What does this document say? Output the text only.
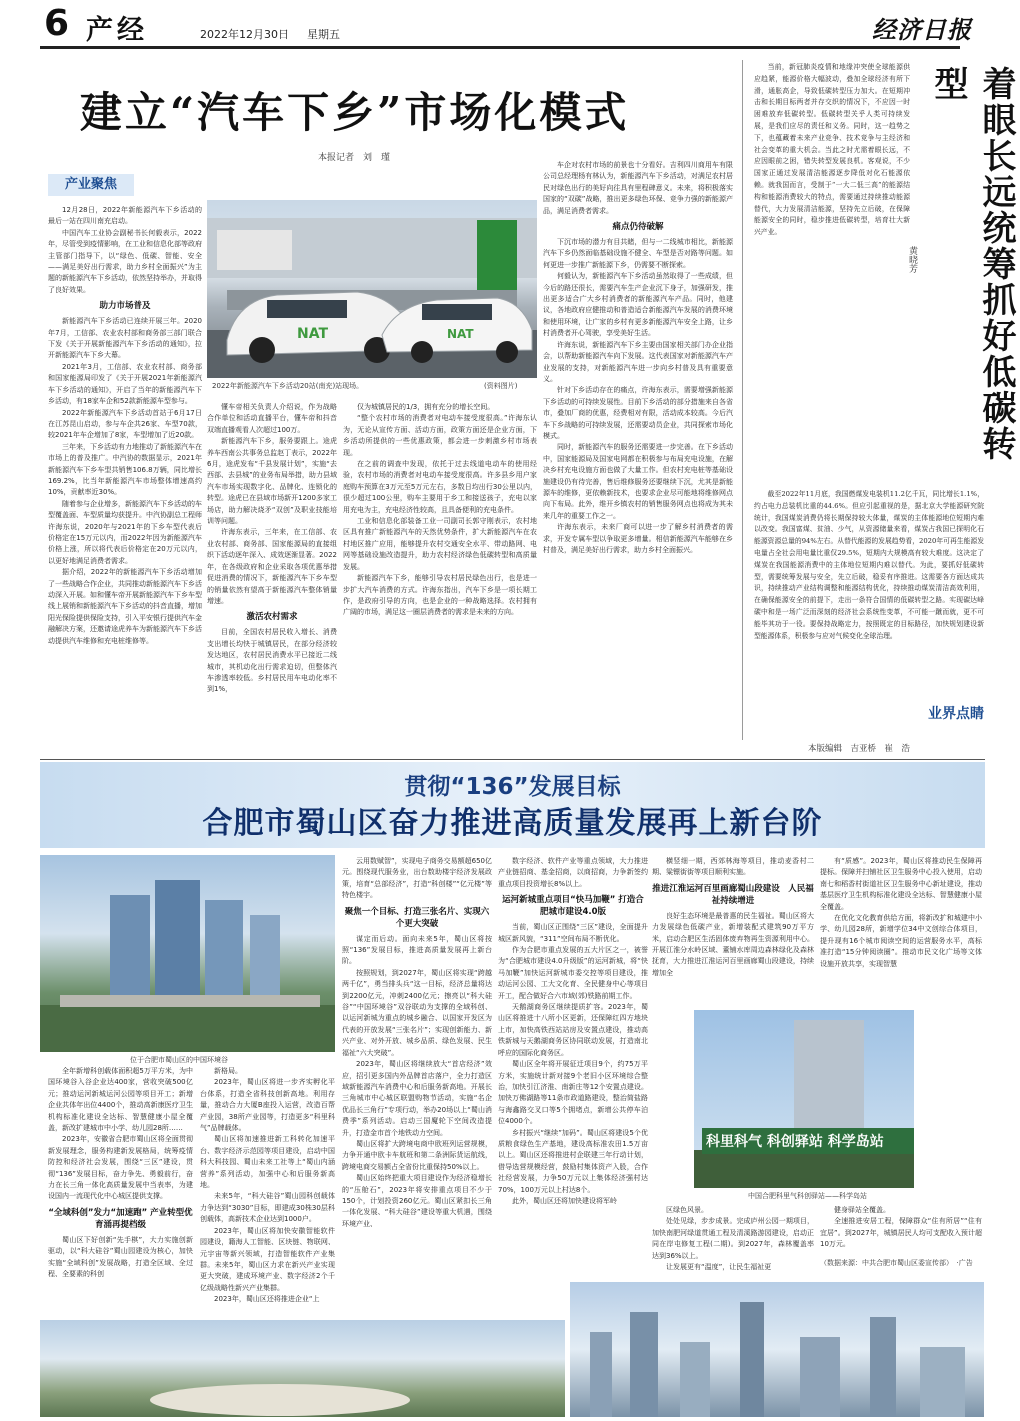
6 产经	2022年12月30日 星期五	经济日报
建立“汽车下乡”市场化模式
本报记者　刘　瑾
产业聚焦
NAT	NAT
2022年新能源汽车下乡活动20站(南充)站现场。	(资料图片)

12月28日，2022年新能源汽车下乡活动的最后一站在四川南充启动。

中国汽车工业协会副秘书长何毅表示，2022年，尽管受到疫情影响，在工业和信息化部等政府主管部门指导下，以“绿色、低碳、智能、安全——满足美好出行需求，助力乡村全面振兴”为主题的新能源汽车下乡活动，依然坚持举办，并取得了良好效果。

助力市场普及

新能源汽车下乡活动已连续开展三年。2020年7月，工信部、农业农村部和商务部三部门联合下发《关于开展新能源汽车下乡活动的通知》，拉开新能源汽车下乡大幕。

2021年3月，工信部、农业农村部、商务部和国家能源局印发了《关于开展2021年新能源汽车下乡活动的通知》，开启了当年的新能源汽车下乡活动，有18家车企和52款新能源车型参与。

2022年新能源汽车下乡活动首站于6月17日在江苏昆山启动，参与车企共26家、车型70款，较2021年车企增加了8家，车型增加了近20款。

三年来，下乡活动有力地推动了新能源汽车在市场上的普及推广。中汽协的数据显示，2021年新能源汽车下乡车型共销售106.8万辆，同比增长169.2%，比当年新能源汽车市场整体增速高约10%，贡献率近30%。

随着参与企业增多，新能源汽车下乡活动的车型覆盖面、车型质量均获提升。中汽协副总工程师许海东说，2020年与2021年的下乡车型代表后价格定在15万元以内，而2022年因为新能源汽车价格上涨，所以将代表后价格定在20万元以内，以更好地满足消费者需求。

据介绍，2022年的新能源汽车下乡活动增加了一些战略合作企业，共同推动新能源汽车下乡活动深入开展。如和懂车帝开展新能源汽车下乡车型线上展销和新能源汽车下乡活动的抖音直播，增加阳光保险提供保险支持，引入平安银行提供汽车金融解决方案，还邀请途虎养车为新能源汽车下乡活动提供汽车维修和充电桩维修等。

懂车帝相关负责人介绍说，作为战略合作单位和活动直播平台，懂车帝和抖音双端直播观看人次超过100万。

新能源汽车下乡，服务要跟上。途虎养车西南公共事务总监赵丁表示，2022年6月，途虎发布“千县发展计划”，实施“去西部、去县城”的业务布局举措，助力县域汽车市场实现数字化、品牌化、连锁化的转型。途虎已在县域市场新开1200多家工场店，助力解决烧矛“双创”及职业技能培训等问题。

许海东表示，三年来，在工信部、农业农村部、商务部、国家能源局的直接组织下活动逐年深入、成效逐渐显著。2022年，在各级政府和企业采取各项优惠举措促进消费的情况下，新能源汽车下乡车型的销量依然有望高于新能源汽车整体销量增速。

激活农村需求

目前，全国农村居民收入增长、消费支出增长均快于城镇居民，在部分经济较发达地区，农村居民消费水平已接近二线城市，其机动化出行需求迫切，但整体汽车渗透率较低。乡村居民用车电动化率不到1%，

仅为城镇居民的1/3，拥有充分的增长空间。

“整个农村市场的消费者对电动车接受度很高。”许海东认为，无论从宣传方面、活动方面，政策方面还是企业方面，下乡活动所提供的一些优惠政策，都会进一步刺激乡村市场表现。

在之前的调查中发现，依托于过去线道电动车的使用经验，农村市场的消费者对电动车接受度很高。许多县乡用户家庭购车预算在3万元至5万元左右，多数日均出行30公里以内，很少超过100公里，购车主要用于乡工和接送孩子，充电以家用充电为主，充电经济性较高，且具备便利的充电条件。

工业和信息化部装备工业一司副司长郭守刚表示，农村地区具有推广新能源汽车的天然优势条件，扩大新能源汽车在农村地区推广应用，能够提升农村交通安全水平、带动路网、电网等基础设施改造提升，助力农村经济绿色低碳转型和高质量发展。

新能源汽车下乡，能够引导农村居民绿色出行，也是进一步扩大汽车消费的方式。许海东指出，汽车下乡是一项长期工作，是政府引导的方向，也是企业的一种战略选择。农村拥有广阔的市场，满足这一圈层消费者的需求是未来的方向。

车企对农村市场的前景也十分看好。吉利四川商用车有限公司总经理杨有林认为，新能源汽车下乡活动，对满足农村居民对绿色出行的美好向往具有里程碑意义。未来，将积极落实国家的“双碳”战略，推出更多绿色环保、竞争力强的新能源产品，满足消费者需求。

痛点仍待破解

下沉市场的潜力有目共睹，但与一二线城市相比，新能源汽车下乡仍然面临基础设施不健全、车型是否对路等问题。如何更进一步推广新能源下乡，仍需要不断探索。

何毅认为，新能源汽车下乡活动虽然取得了一些成绩，但今后的路还很长，需要汽车生产企业沉下身子，加强研发，推出更多适合广大乡村消费者的新能源汽车产品。同时，他建议，各地政府应健推动和普造适合新能源汽车发展的消费环境和使用环境，让广家的乡村有更多新能源汽车安全上路，让乡村消费者开心驾驶，享受美好生活。

许海东说，新能源汽车下乡主要由国家相关部门办企业指会，以帮助新能源汽车向下发展。这代表国家对新能源汽车产业发展的支持，对新能源汽车进一步向乡村普及具有重要意义。

针对下乡活动存在的痛点，许海东表示，需要增强新能源下乡活动的可持续发展性。目前下乡活动的部分措施来自各省市，叠加厂商的优惠，经费相对有限，活动成本较高。今后汽车下乡战略的可持续发展，还需要动员企业，共同探索市场化模式。

同时，新能源汽车的服务还需要进一步完善。在下乡活动中，国家能源局及国家电网都在积极参与布局充电设施，在解决乡村充电设施方面也做了大量工作。但农村充电桩等基础设施建设仍有待完善，售后维修服务还要继续下沉，尤其是新能源车的维修，更依赖新技术，也要求企业尽可能地将维修网点向下布局。此外，维开乡镇农村的销售服务网点也将成为其未来几年的重要工作之一。

许海东表示，未来厂商可以进一步了解乡村消费者的需求，开发专属车型以争取更多增量。相信新能源汽车能够在乡村普及，满足美好出行需求，助力乡村全面振兴。

当前，新冠肺炎疫情和地缘冲突使全球能源供应趋紧，能源价格大幅波动，叠加全球经济有所下滑，通胀高企，导致低碳转型压力加大。在短期冲击和长期目标两者并存交织的情况下，不应因一时困难放弃低碳转型。低碳转型关乎人类可持续发展，是我们应尽的责任和义务。同时，这一趋势之下，也蕴藏着未来产业竞争、技术竞争与主经济和社会变革的重大机会。当此之时尤需着眼长远，不应因眼前之困，错失转型发展良机。客观说，不少国家正通过发展清洁能源逐步降低对化石能源依赖。就我国而言，受制于“一大二低三高”的能源结构和能源消费较大的特点，需要通过持续推动能源替代，大力发展清洁能源，坚持先立后破，在保障能源安全的同时，稳步推进低碳转型，培育壮大新兴产业。	着眼长远统筹抓好低碳转型
黄晓芳

截至2022年11月底，我国燃煤发电装机11.2亿千瓦，同比增长1.1%，约占电力总装机比重的44.6%。但应引起重视的是，据北京大学能源研究院统计，我国煤炭消费仍将长期保持较大体量，煤炭的主体能源地位短期内难以改变。我国富煤、贫油、少气，从资源储量来看，煤炭占我国已探明化石能源资源总量的94%左右。从替代能源的发展趋势看，2020年可再生能源发电量占全社会用电量比重仅29.5%，短期内大规模高有较大难度。这决定了煤炭在我国能源消费中的主体地位短期内难以替代。为此，要抓好低碳转型，需要统筹发展与安全，先立后破，稳妥有序推进。这需要各方面达成共识，持续推动产业结构调整和能源结构优化，持续推动煤炭清洁高效利用，在确保能源安全的前提下，走出一条符合国情的低碳转型之路。实现碳达峰碳中和是一场广泛而深刻的经济社会系统性变革，不可能一蹴而就，更不可能毕其功于一役。要保持战略定力，按照既定的目标路径，加快规划建设新型能源体系，积极参与应对气候变化全球治理。

业界点睛
本版编辑　吉亚桥　崔　浩
贯彻“136”发展目标
合肥市蜀山区奋力推进高质量发展再上新台阶
位于合肥市蜀山区的中国环境谷
科里科气 科创驿站 科学岛站
中国合肥科里气科创驿站——科学岛站

全年新增科创载体面积超5万平方米，为中国环境谷入谷企业达400家，营收突破500亿元；推动运河新城运河公园等项目开工；新增企业共体年出位4400个，推动高新康医疗卫生机构标准化建设全达标、智慧健康小屋全覆盖，新改扩建城市中小学、幼儿园28所……

2023年，安徽省合肥市蜀山区将全面贯彻新发展理念，服务构建新发展格局，统筹疫情防控和经济社会发展，围绕“三区”建设，贯彻“136”发展目标，奋力争先、勇毅前行，奋力在长三角一体化高质量发展中当表率，为建设国内一流现代化中心城区提供支撑。

“全域科创”发力“加速跑” 产业转型优育涌再提档级

蜀山区下好创新“先手棋”，大力实施创新驱动，以“科大硅谷”蜀山园建设为核心，加快实施“全域科创”发展战略，打造全区域、全过程、全要素的科创

新格局。

2023年，蜀山区将进一步齐实孵化平台体系，打造全省科技创新高地。利用存量，推动合力大厦B座投入运营，改造百帮产业园，38所产业园等，打造更多“科里科气”品牌载体。

蜀山区将加速推进新工科转化加速平台、数字经济示范园等项目建设，启动中国科大科技园、蜀山未来工社等上“蜀山内涵营养”系列活动，加强中心和后服务新高地。

未来5年，“科大硅谷”蜀山园科创载体力争达到“3030”目标，即建成30株30层科创载体，高新技术企业达到1000户。

2023年，蜀山区将加快安徽智能软件园建设，籍海人工智能、区块链、物联网、元宇宙等新兴领域，打造智能软件产业集群。未来5年，蜀山区力求在新兴产业实现更大突破，建成环境产业、数字经济2个千亿级战略性新兴产业集群。

2023年，蜀山区还将推进企业“上

云用数赋智”，实现电子商务交易额超650亿元。围绕现代服务业，出台数助楼宇经济发展政策，培育“总部经济”，打造“科创楼”“亿元楼”等特色楼宇。

聚焦一个目标、打造三张名片、实现六个更大突破

谋定而后动。面向未来5年，蜀山区将按照“136”发展目标，推进高质量发展再上新台阶。

按照规划，到2027年，蜀山区将实现“跨越两千亿”，勇当排头兵“这一目标，经济总量将达到2200亿元，冲刺2400亿元；擦亮以“科大硅谷”“中国环境谷”双谷联动为支撑的全域科创、以运河新城为重点的城乡融合、以国家开发区为代表的开放发展“三张名片”；实现创新能力、新兴产业、对外开放、城乡品质、绿色发展、民生福祉“六大突破”。

2023年，蜀山区将继续放大“首店经济”效应，招引更多国内外品牌首店落户，全力打造区域新能源汽车消费中心和后服务新高地。开展长三角城市中心城区联盟购物节活动，实施“名企优品长三角行”专项行动，举办20场以上“蜀山消费季”系列活动。启动三国魔轮下空间改造提升，打造金市首个地铁动力空间。

蜀山区将扩大跨境电商中欧班列运营规模，力争开通中欧卡车航班和第二条洲际货运航线，跨境电商交易额占全省份比重保持50%以上。

蜀山区始终把重大项目建设作为经济稳增长的“压舱石”，2023年将安排重点项目不少于150个，计划投资260亿元。蜀山区紧扣长三角一体化发展、“科大硅谷”建设等重大机遇，围绕环境产业、

数字经济、软件产业等重点领域，大力推进产业链招商、基金招商，以商招商，力争新签约重点项目投资增长8%以上。

运河新城重点项目“快马加鞭” 打造合肥城市建设4.0版

当前，蜀山区正围绕“三区”建设，全面提升城区新风貌，“311”空间布局不断优化。

作为合肥市重点发展的五大片区之一，被誉为“合肥城市建设4.0升级版”的运河新城，将“快马加鞭”加快运河新城市委交控等项目建设，推动运河公园、工大文化育、全民健身中心等项目开工，配合做好合六市域(郊)铁路前期工作。

天鹅湖商务区继续提质扩容。2023年，蜀山区将推进十八所小区更新，还保障红四方地块上市，加快高铁西站站房及安置点建设，推动高铁新城与天鹅湖商务区协同联动发展，打造南北呼应的国际化商务区。

蜀山区全年将开展征迁项目9个，约75万平方米，实施统计新对接9个老旧小区环境综合整治，加快引江济淮、南新庄等12个安置点建设。加快万佛湖路等11条市政道路建设，整治简盐路与海鑫路交叉口等5个拥堵点，新增公共停车泊位4000个。

乡村振兴“继续”加码”。蜀山区将建设5个优质粮食绿色生产基地，建设高标准农田1.5万亩以上。蜀山区还将推进村企联建三年行动计划，借导选营规模经营，鼓励村集体资产入股，合作社经营发展，力争50万元以上集体经济强村达70%，100万元以上村达8个。

此外，蜀山区还将加快建设将军岭

横竖细一期，西郊林海等项目，推动麦香村二期、粱镖街街等项目顺利实施。

推进江淮运河百里画廊蜀山段建设　人民福祉持续增进

良好生态环境是最普惠的民生福祉。蜀山区将大力发展绿色低碳产业，新增装配式建筑90万平方米，启动合肥区生活固体废弃物再生资源利用中心。开展江淮分水岭区域、董铺水库周边森林绿化及森林抚育，大力推进江淮运河百里画廊蜀山段建设，持续增加全

有“质感”。2023年，蜀山区将推动民生保障再提标。保障并扫铺社区卫生服务中心投入使用，启动南七和稻香村街道社区卫生服务中心新址建设，推动基层医疗卫生机构标准化建设全达标、智慧健康小屋全覆盖。

在优化文化教育供给方面，将新改扩和城建中小学、幼儿园28所，新增学位34中文创综合体项目，提升现有16个城市阅读空间的运营服务水平，高标准打造“15分钟阅读圈”。推动市民文化广场等文体设施开放共享，实现智慧

区绿色风景。

处处见绿，步步成景。完成庐州公园一期项目，加快南肥河绿道贯通工程及清溪路游园建设，启动正同在岸屯修复工程(二期)。到2027年，森林覆盖率达到36%以上。

让发展更有“温度”，让民生福祉更

健身驿站全覆盖。

全速推进安居工程，保障群众“住有所居”“住有宜居”。到2027年，城镇居民人均可支配收入预计超10万元。

（数据来源：中共合肥市蜀山区委宣传部）　·广告
